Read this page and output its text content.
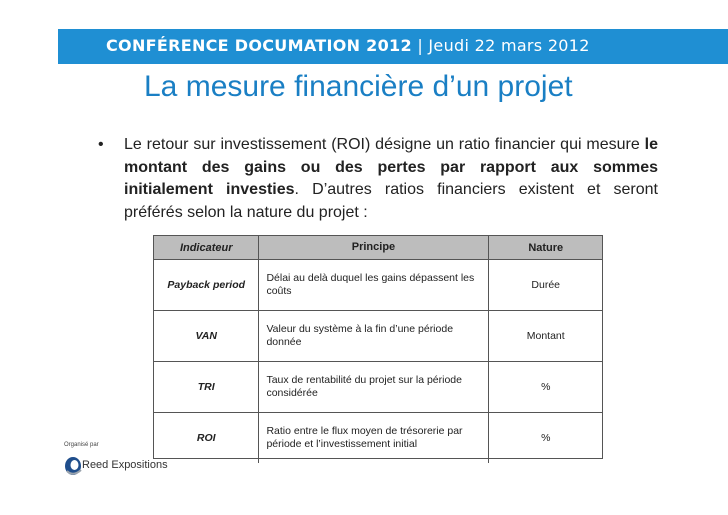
CONFÉRENCE DOCUMATION 2012 | Jeudi 22 mars 2012
La mesure financière d’un projet
• Le retour sur investissement (ROI) désigne un ratio financier qui mesure le montant des gains ou des pertes par rapport aux sommes initialement investies. D’autres ratios financiers existent et seront préférés selon la nature du projet :
Indicateur	Principe	Nature
Payback period	Délai au delà duquel les gains dépassent les coûts	Durée
VAN	Valeur du système à la fin d’une période donnée	Montant
TRI	Taux de rentabilité du projet sur la période considérée	%
ROI	Ratio entre le flux moyen de trésorerie par période et l’investissement initial	%
Organisé par
Reed Expositions
